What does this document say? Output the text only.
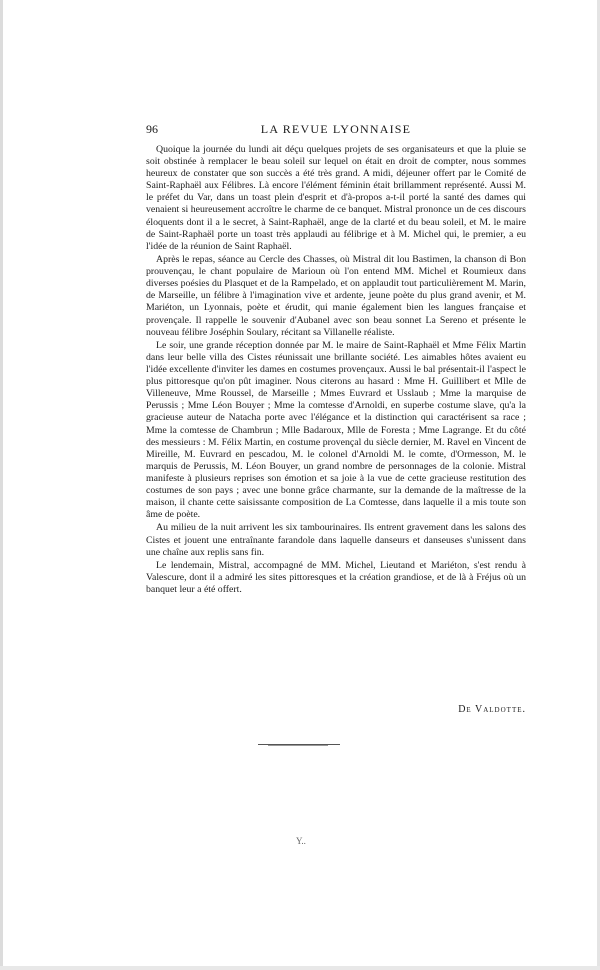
96	LA REVUE LYONNAISE

Quoique la journée du lundi ait déçu quelques projets de ses organisateurs et que la pluie se soit obstinée à remplacer le beau soleil sur lequel on était en droit de compter, nous sommes heureux de constater que son succès a été très grand. A midi, déjeuner offert par le Comité de Saint-Raphaël aux Félibres. Là encore l'élément féminin était brillamment représenté. Aussi M. le préfet du Var, dans un toast plein d'esprit et d'à-propos a-t-il porté la santé des dames qui venaient si heureusement accroître le charme de ce banquet. Mistral prononce un de ces discours éloquents dont il a le secret, à Saint-Raphaël, ange de la clarté et du beau soleil, et M. le maire de Saint-Raphaël porte un toast très applaudi au félibrige et à M. Michel qui, le premier, a eu l'idée de la réunion de Saint Raphaël.

Après le repas, séance au Cercle des Chasses, où Mistral dit lou Bastimen, la chanson di Bon prouvençau, le chant populaire de Marioun où l'on entend MM. Michel et Roumieux dans diverses poésies du Plasquet et de la Rampelado, et on applaudit tout particulièrement M. Marin, de Marseille, un félibre à l'imagination vive et ardente, jeune poète du plus grand avenir, et M. Mariéton, un Lyonnais, poète et érudit, qui manie également bien les langues française et provençale. Il rappelle le souvenir d'Aubanel avec son beau sonnet La Sereno et présente le nouveau félibre Joséphin Soulary, récitant sa Villanelle réaliste.

Le soir, une grande réception donnée par M. le maire de Saint-Raphaël et Mme Félix Martin dans leur belle villa des Cistes réunissait une brillante société. Les aimables hôtes avaient eu l'idée excellente d'inviter les dames en costumes provençaux. Aussi le bal présentait-il l'aspect le plus pittoresque qu'on pût imaginer. Nous citerons au hasard : Mme H. Guillibert et Mlle de Villeneuve, Mme Roussel, de Marseille ; Mmes Euvrard et Usslaub ; Mme la marquise de Perussis ; Mme Léon Bouyer ; Mme la comtesse d'Arnoldi, en superbe costume slave, qu'a la gracieuse auteur de Natacha porte avec l'élégance et la distinction qui caractérisent sa race ; Mme la comtesse de Chambrun ; Mlle Badaroux, Mlle de Foresta ; Mme Lagrange. Et du côté des messieurs : M. Félix Martin, en costume provençal du siècle dernier, M. Ravel en Vincent de Mireille, M. Euvrard en pescadou, M. le colonel d'Arnoldi M. le comte, d'Ormesson, M. le marquis de Perussis, M. Léon Bouyer, un grand nombre de personnages de la colonie. Mistral manifeste à plusieurs reprises son émotion et sa joie à la vue de cette gracieuse restitution des costumes de son pays ; avec une bonne grâce charmante, sur la demande de la maîtresse de la maison, il chante cette saisissante composition de La Comtesse, dans laquelle il a mis toute son âme de poète.

Au milieu de la nuit arrivent les six tambourinaires. Ils entrent gravement dans les salons des Cistes et jouent une entraînante farandole dans laquelle danseurs et danseuses s'unissent dans une chaîne aux replis sans fin.

Le lendemain, Mistral, accompagné de MM. Michel, Lieutand et Mariéton, s'est rendu à Valescure, dont il a admiré les sites pittoresques et la création grandiose, et de là à Fréjus où un banquet leur a été offert.

De Valdotte.
Y..
